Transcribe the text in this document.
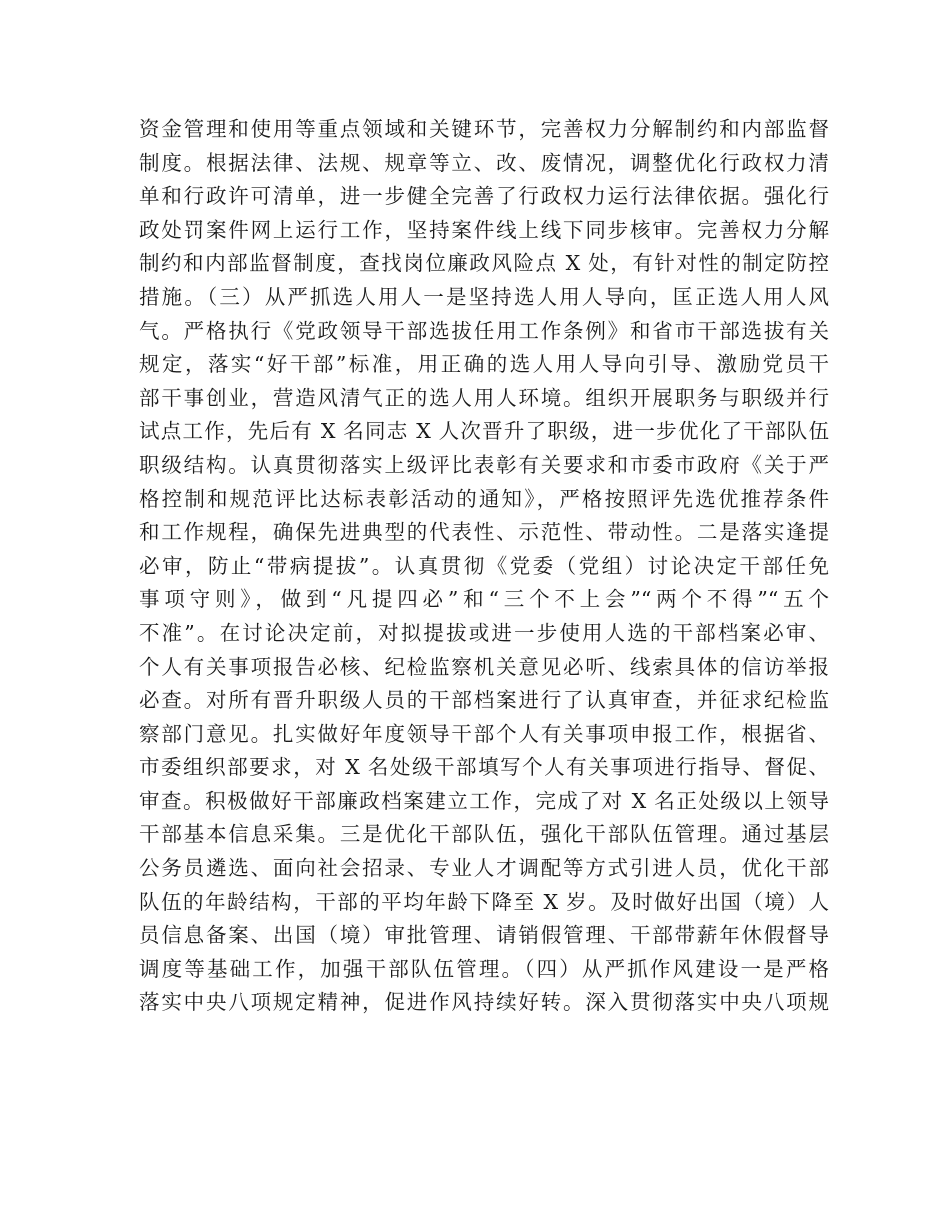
资金管理和使用等重点领域和关键环节，完善权力分解制约和内部监督
制度。根据法律、法规、规章等立、改、废情况，调整优化行政权力清
单和行政许可清单，进一步健全完善了行政权力运行法律依据。强化行
政处罚案件网上运行工作，坚持案件线上线下同步核审。完善权力分解
制约和内部监督制度，查找岗位廉政风险点 X 处，有针对性的制定防控
措施。（三）从严抓选人用人一是坚持选人用人导向，匡正选人用人风
气。严格执行《党政领导干部选拔任用工作条例》和省市干部选拔有关
规定，落实“好干部”标准，用正确的选人用人导向引导、激励党员干
部干事创业，营造风清气正的选人用人环境。组织开展职务与职级并行
试点工作，先后有 X 名同志 X 人次晋升了职级，进一步优化了干部队伍
职级结构。认真贯彻落实上级评比表彰有关要求和市委市政府《关于严
格控制和规范评比达标表彰活动的通知》，严格按照评先选优推荐条件
和工作规程，确保先进典型的代表性、示范性、带动性。二是落实逢提
必审，防止“带病提拔”。认真贯彻《党委（党组）讨论决定干部任免
事项守则》，做到“凡提四必”和“三个不上会”“两个不得”“五个
不准”。在讨论决定前，对拟提拔或进一步使用人选的干部档案必审、
个人有关事项报告必核、纪检监察机关意见必听、线索具体的信访举报
必查。对所有晋升职级人员的干部档案进行了认真审查，并征求纪检监
察部门意见。扎实做好年度领导干部个人有关事项申报工作，根据省、
市委组织部要求，对 X 名处级干部填写个人有关事项进行指导、督促、
审查。积极做好干部廉政档案建立工作，完成了对 X 名正处级以上领导
干部基本信息采集。三是优化干部队伍，强化干部队伍管理。通过基层
公务员遴选、面向社会招录、专业人才调配等方式引进人员，优化干部
队伍的年龄结构，干部的平均年龄下降至 X 岁。及时做好出国（境）人
员信息备案、出国（境）审批管理、请销假管理、干部带薪年休假督导
调度等基础工作，加强干部队伍管理。（四）从严抓作风建设一是严格
落实中央八项规定精神，促进作风持续好转。深入贯彻落实中央八项规
